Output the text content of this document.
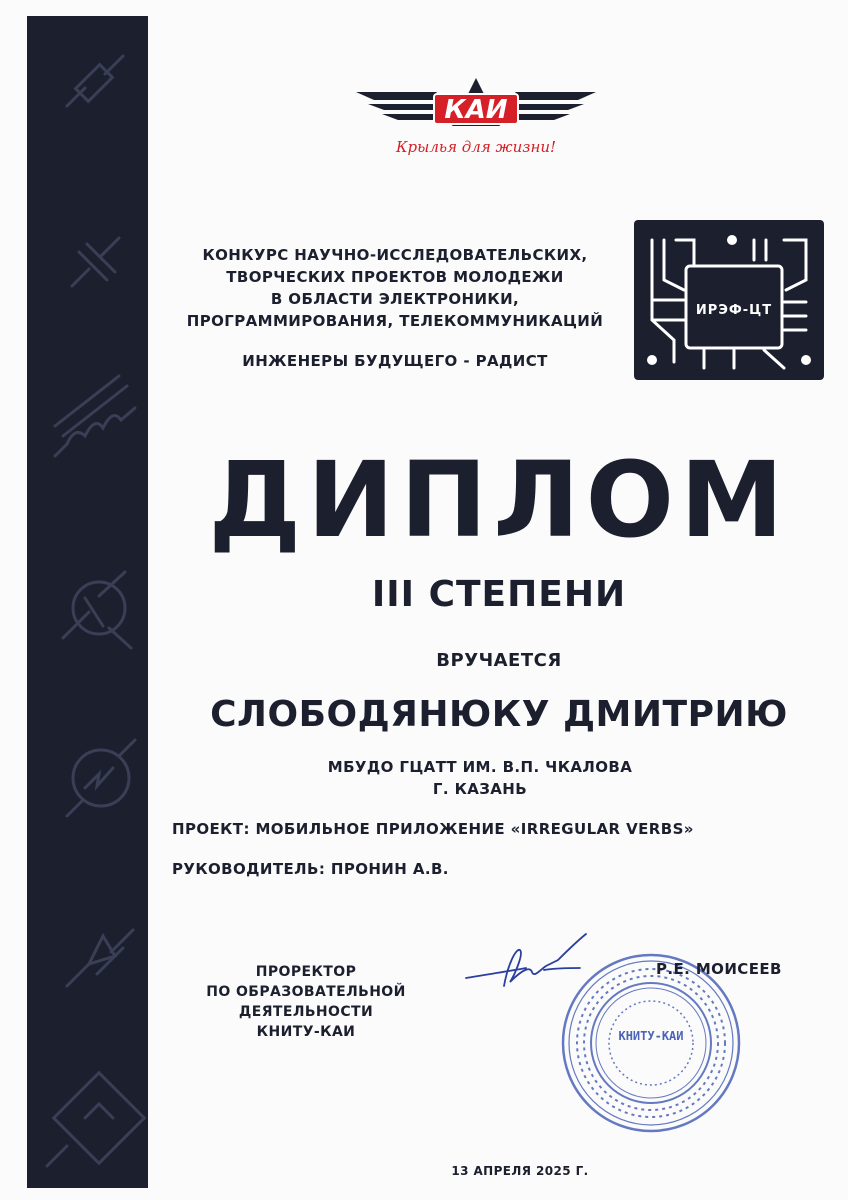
КАИ
Крылья для жизни!
ИРЭФ-ЦТ
КОНКУРС НАУЧНО-ИССЛЕДОВАТЕЛЬСКИХ,
ТВОРЧЕСКИХ ПРОЕКТОВ МОЛОДЕЖИ
В ОБЛАСТИ ЭЛЕКТРОНИКИ,
ПРОГРАММИРОВАНИЯ, ТЕЛЕКОММУНИКАЦИЙ
ИНЖЕНЕРЫ БУДУЩЕГО - РАДИСТ
ДИПЛОМ
III СТЕПЕНИ
ВРУЧАЕТСЯ
СЛОБОДЯНЮКУ ДМИТРИЮ
МБУДО ГЦАТТ ИМ. В.П. ЧКАЛОВА
Г. КАЗАНЬ
ПРОЕКТ: МОБИЛЬНОЕ ПРИЛОЖЕНИЕ «IRREGULAR VERBS»
РУКОВОДИТЕЛЬ: ПРОНИН А.В.
ПРОРЕКТОР
ПО ОБРАЗОВАТЕЛЬНОЙ
ДЕЯТЕЛЬНОСТИ
КНИТУ-КАИ	КНИТУ-КАИ
Р.Е. МОИСЕЕВ
13 АПРЕЛЯ 2025 Г.
